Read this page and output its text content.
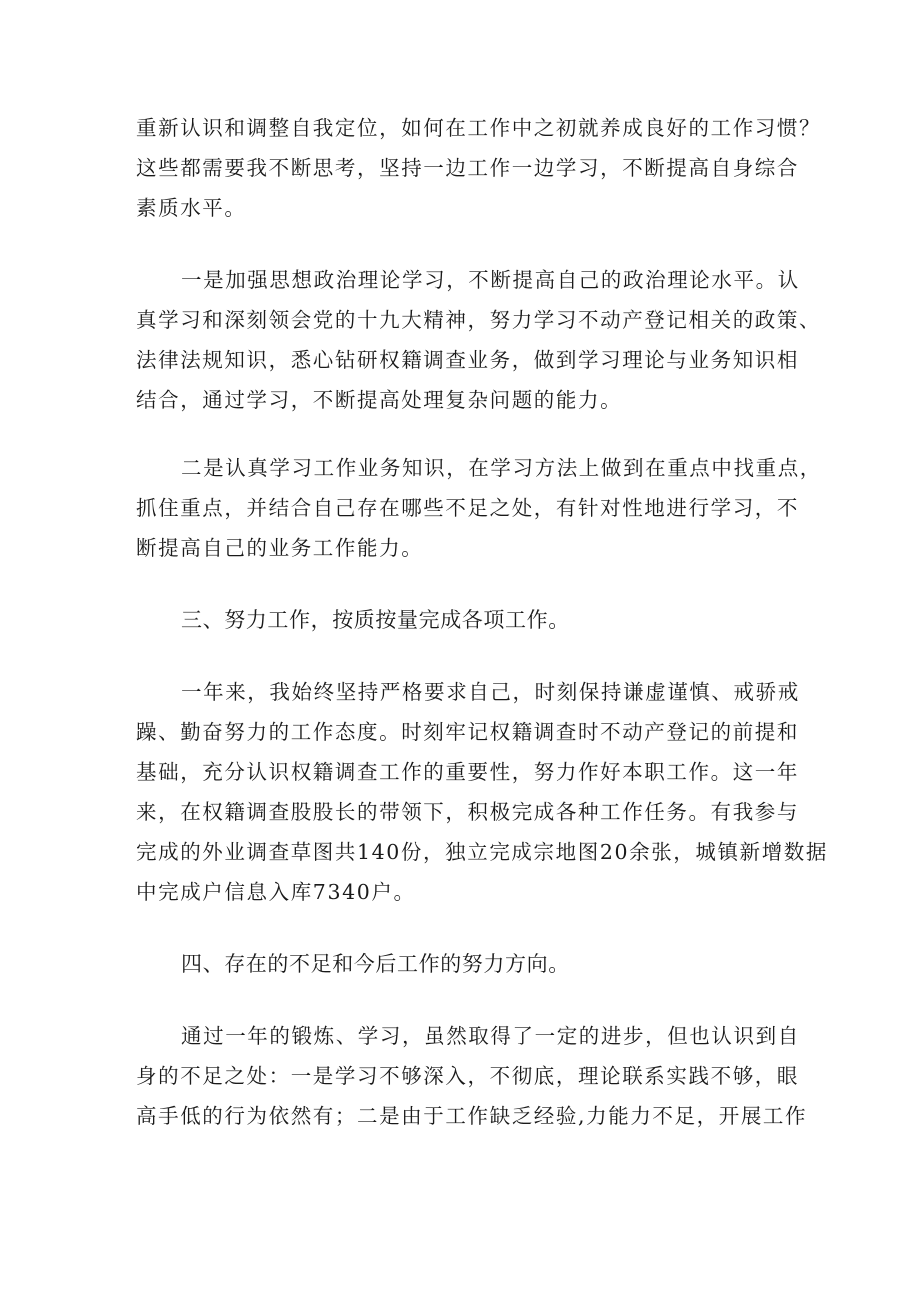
重新认识和调整自我定位，如何在工作中之初就养成良好的工作习惯？
这些都需要我不断思考，坚持一边工作一边学习，不断提高自身综合
素质水平。
一是加强思想政治理论学习，不断提高自己的政治理论水平。认
真学习和深刻领会党的十九大精神，努力学习不动产登记相关的政策、
法律法规知识，悉心钻研权籍调查业务，做到学习理论与业务知识相
结合，通过学习，不断提高处理复杂问题的能力。
二是认真学习工作业务知识，在学习方法上做到在重点中找重点，
抓住重点，并结合自己存在哪些不足之处，有针对性地进行学习，不
断提高自己的业务工作能力。
三、努力工作，按质按量完成各项工作。
一年来，我始终坚持严格要求自己，时刻保持谦虚谨慎、戒骄戒
躁、勤奋努力的工作态度。时刻牢记权籍调查时不动产登记的前提和
基础，充分认识权籍调查工作的重要性，努力作好本职工作。这一年
来，在权籍调查股股长的带领下，积极完成各种工作任务。有我参与
完成的外业调查草图共140份，独立完成宗地图20余张，城镇新增数据
中完成户信息入库7340户。
四、存在的不足和今后工作的努力方向。
通过一年的锻炼、学习，虽然取得了一定的进步，但也认识到自
身的不足之处：一是学习不够深入，不彻底，理论联系实践不够，眼
高手低的行为依然有；二是由于工作缺乏经验,力能力不足，开展工作
